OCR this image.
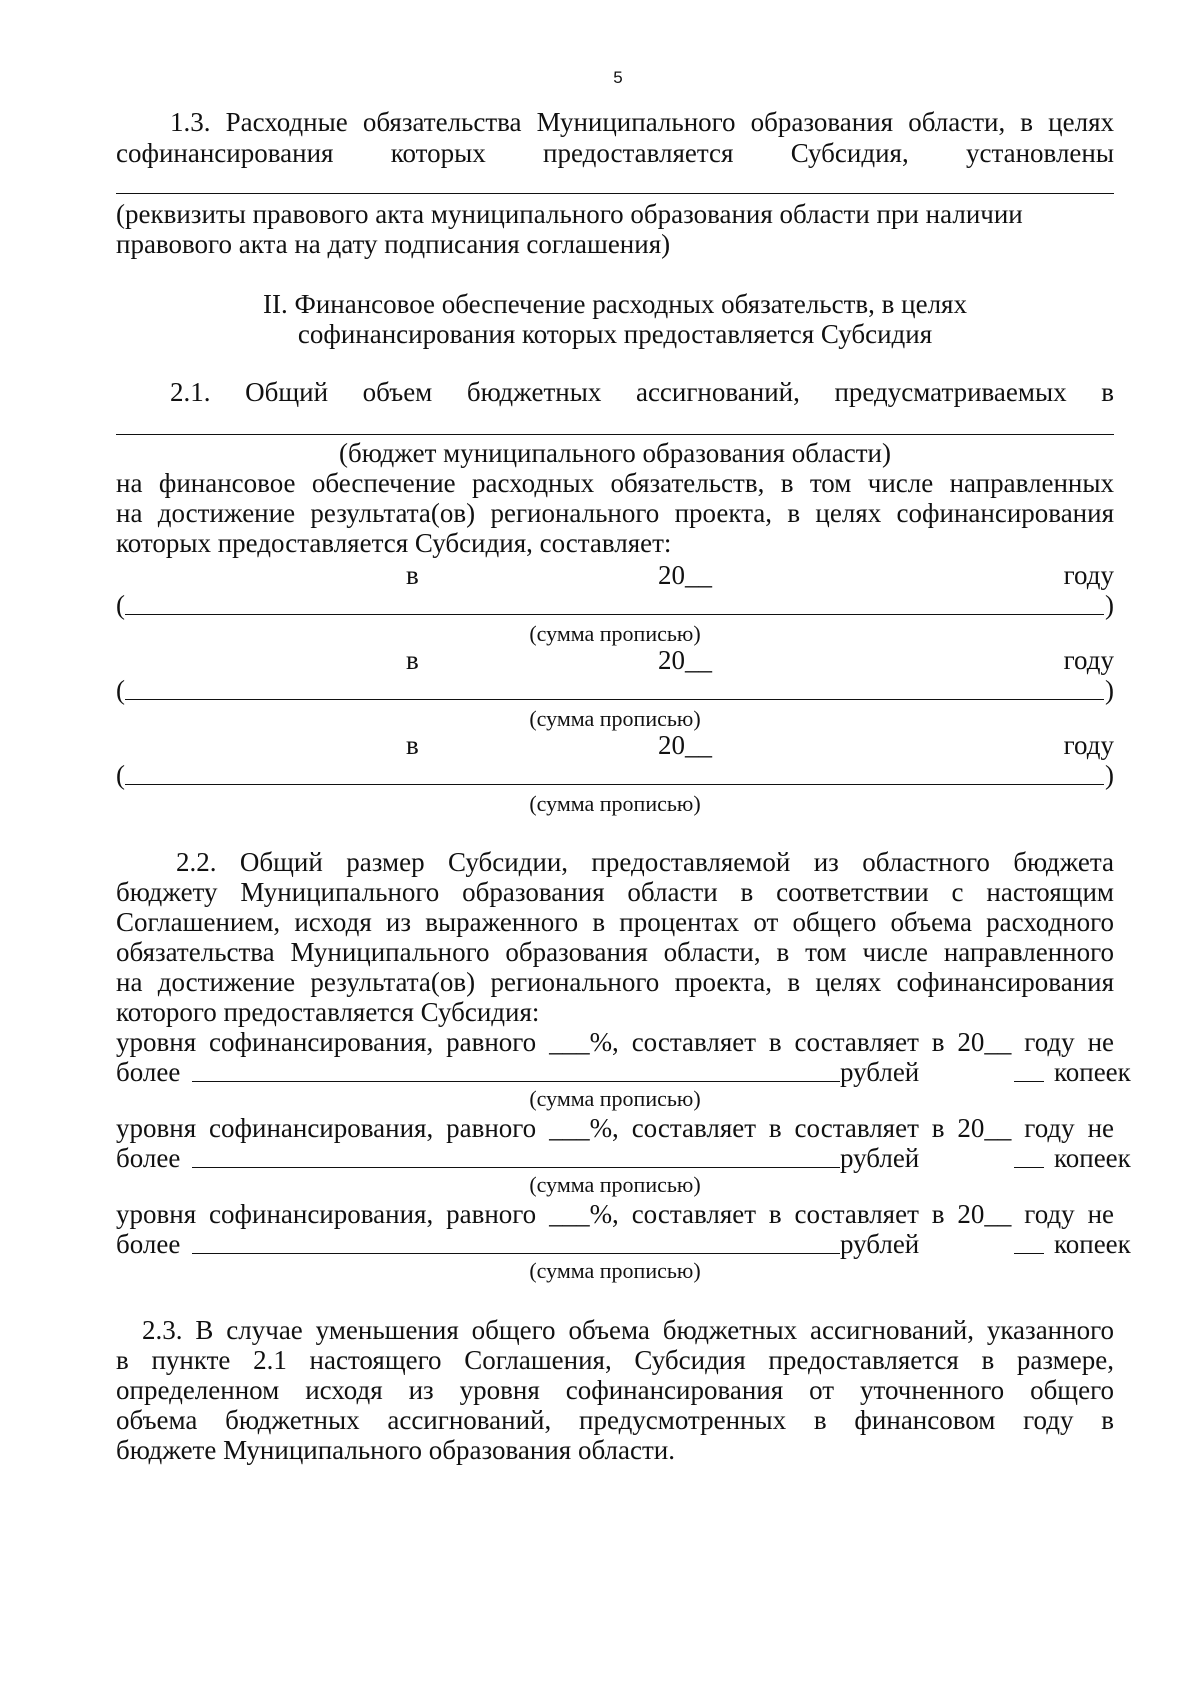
5
1.3. Расходные обязательства Муниципального образования области, в целях
софинансирования которых предоставляется Субсидия, установлены
(реквизиты правового акта муниципального образования области при наличии
правового акта на дату подписания соглашения)
II. Финансовое обеспечение расходных обязательств, в целях
софинансирования которых предоставляется Субсидия
2.1. Общий объем бюджетных ассигнований, предусматриваемых в
(бюджет муниципального образования области)
на финансовое обеспечение расходных обязательств, в том числе направленных
на достижение результата(ов) регионального проекта, в целях софинансирования
которых предоставляется Субсидия, составляет:
в	20__	году
(	)
(сумма прописью)
в	20__	году
(	)
(сумма прописью)
в	20__	году
(	)
(сумма прописью)
2.2. Общий размер Субсидии, предоставляемой из областного бюджета
бюджету Муниципального образования области в соответствии с настоящим
Соглашением, исходя из выраженного в процентах от общего объема расходного
обязательства Муниципального образования области, в том числе направленного
на достижение результата(ов) регионального проекта, в целях софинансирования
которого предоставляется Субсидия:
уровня софинансирования, равного ___%, составляет в составляет в 20__ году не
более	рублей	копеек
(сумма прописью)
уровня софинансирования, равного ___%, составляет в составляет в 20__ году не
более	рублей	копеек
(сумма прописью)
уровня софинансирования, равного ___%, составляет в составляет в 20__ году не
более	рублей	копеек
(сумма прописью)
2.3. В случае уменьшения общего объема бюджетных ассигнований, указанного
в пункте 2.1 настоящего Соглашения, Субсидия предоставляется в размере,
определенном исходя из уровня софинансирования от уточненного общего
объема бюджетных ассигнований, предусмотренных в финансовом году в
бюджете Муниципального образования области.
